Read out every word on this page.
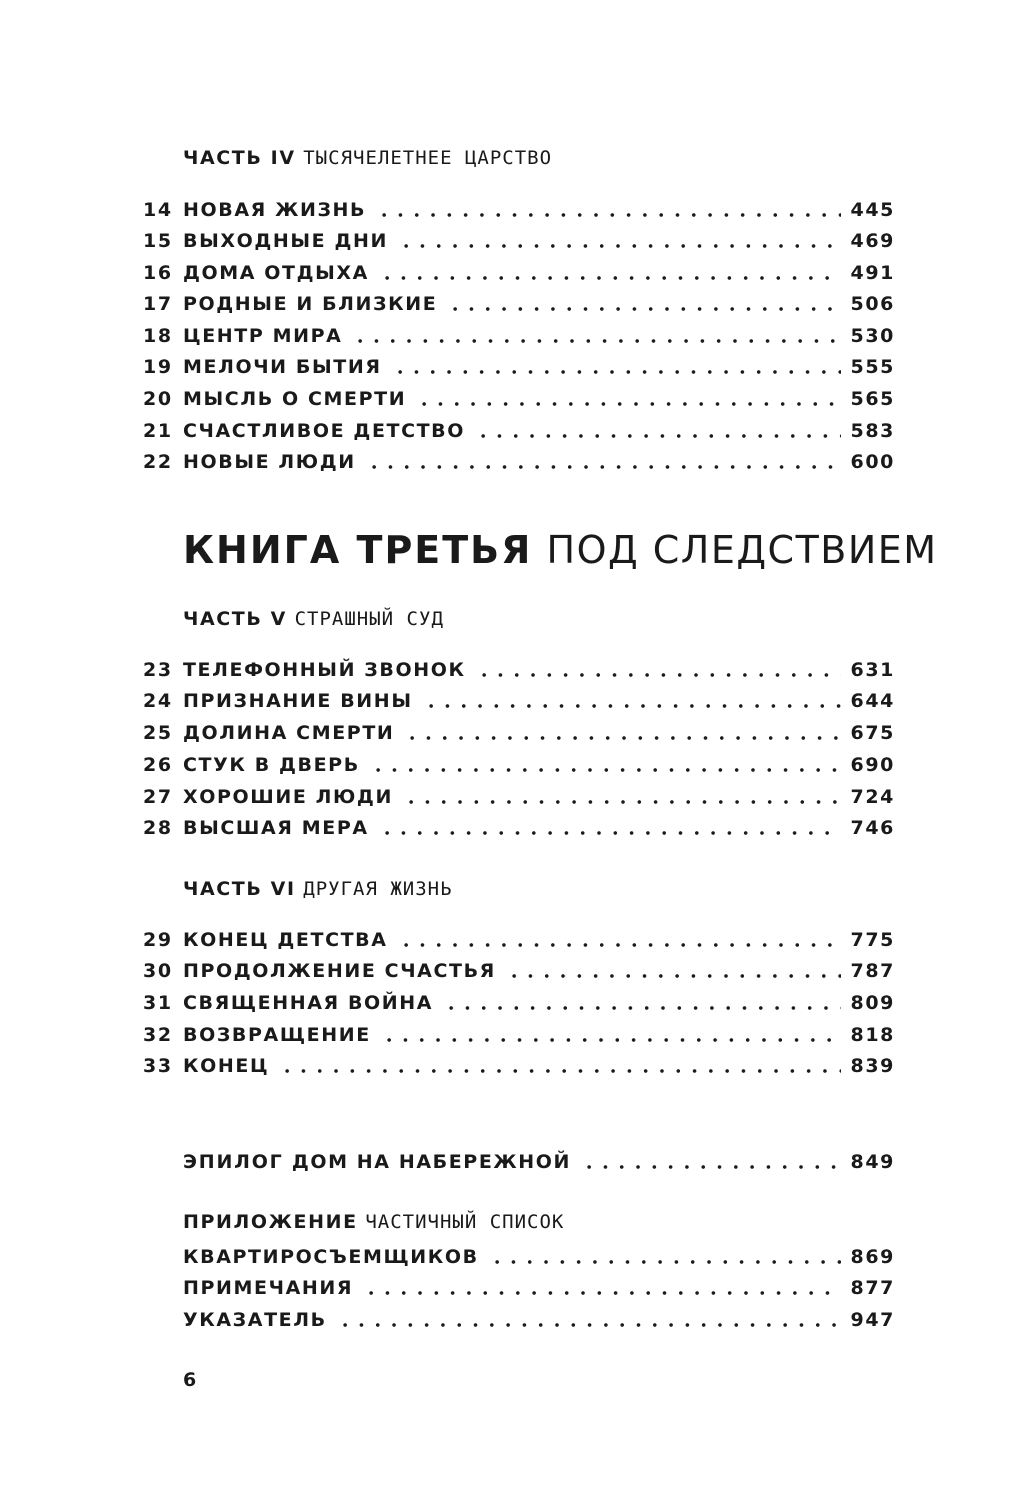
ЧАСТЬ IV ТЫСЯЧЕЛЕТНЕЕ ЦАРСТВО
14 НОВАЯ ЖИЗНЬ	445
15 ВЫХОДНЫЕ ДНИ	469
16 ДОМА ОТДЫХА	491
17 РОДНЫЕ И БЛИЗКИЕ	506
18 ЦЕНТР МИРА	530
19 МЕЛОЧИ БЫТИЯ	555
20 МЫСЛЬ О СМЕРТИ	565
21 СЧАСТЛИВОЕ ДЕТСТВО	583
22 НОВЫЕ ЛЮДИ	600
КНИГА ТРЕТЬЯ ПОД СЛЕДСТВИЕМ
ЧАСТЬ V СТРАШНЫЙ СУД
23 ТЕЛЕФОННЫЙ ЗВОНОК	631
24 ПРИЗНАНИЕ ВИНЫ	644
25 ДОЛИНА СМЕРТИ	675
26 СТУК В ДВЕРЬ	690
27 ХОРОШИЕ ЛЮДИ	724
28 ВЫСШАЯ МЕРА	746
ЧАСТЬ VI ДРУГАЯ ЖИЗНЬ
29 КОНЕЦ ДЕТСТВА	775
30 ПРОДОЛЖЕНИЕ СЧАСТЬЯ	787
31 СВЯЩЕННАЯ ВОЙНА	809
32 ВОЗВРАЩЕНИЕ	818
33 КОНЕЦ	839
ЭПИЛОГ ДОМ НА НАБЕРЕЖНОЙ	849
ПРИЛОЖЕНИЕ ЧАСТИЧНЫЙ СПИСОК
КВАРТИРОСЪЕМЩИКОВ	869
ПРИМЕЧАНИЯ	877
УКАЗАТЕЛЬ	947
6
